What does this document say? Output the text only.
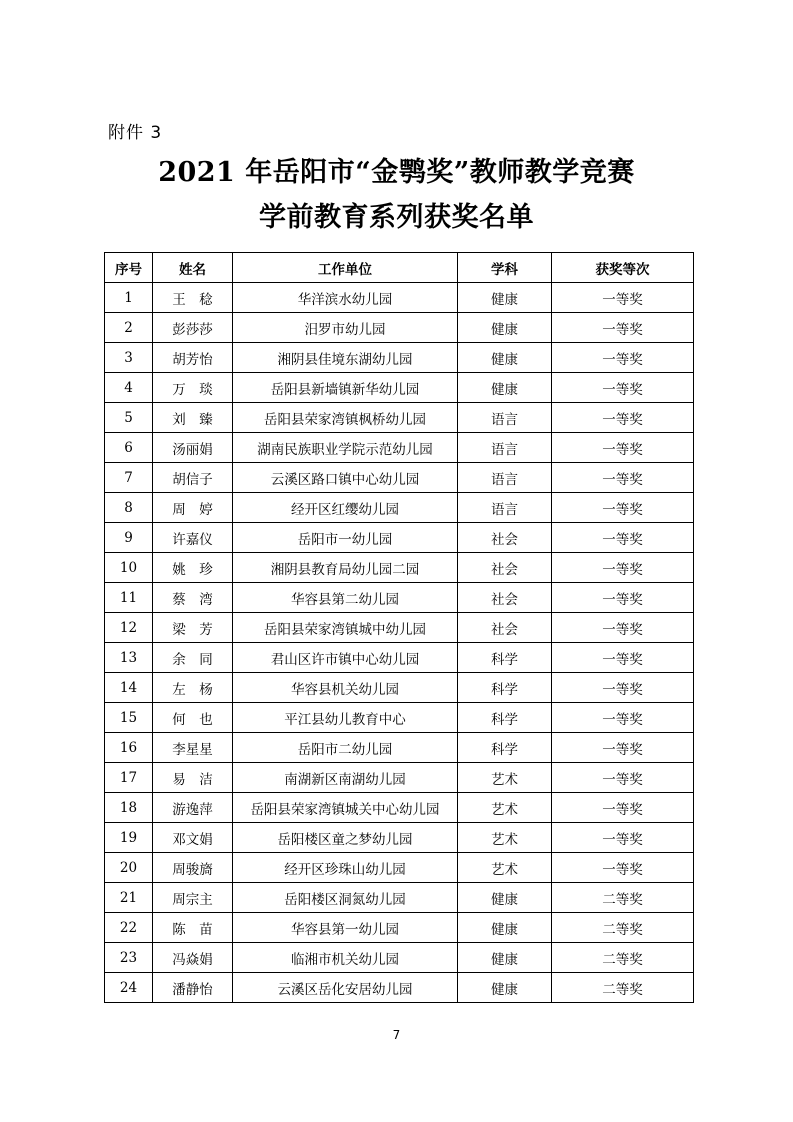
附件 3
2021 年岳阳市“金鹗奖”教师教学竞赛
学前教育系列获奖名单
序号	姓名	工作单位	学科	获奖等次
1	王　稔	华洋滨水幼儿园	健康	一等奖
2	彭莎莎	汨罗市幼儿园	健康	一等奖
3	胡芳怡	湘阴县佳境东湖幼儿园	健康	一等奖
4	万　琰	岳阳县新墙镇新华幼儿园	健康	一等奖
5	刘　臻	岳阳县荣家湾镇枫桥幼儿园	语言	一等奖
6	汤丽娟	湖南民族职业学院示范幼儿园	语言	一等奖
7	胡信子	云溪区路口镇中心幼儿园	语言	一等奖
8	周　婷	经开区红缨幼儿园	语言	一等奖
9	许嘉仪	岳阳市一幼儿园	社会	一等奖
10	姚　珍	湘阴县教育局幼儿园二园	社会	一等奖
11	蔡　湾	华容县第二幼儿园	社会	一等奖
12	梁　芳	岳阳县荣家湾镇城中幼儿园	社会	一等奖
13	余　同	君山区许市镇中心幼儿园	科学	一等奖
14	左　杨	华容县机关幼儿园	科学	一等奖
15	何　也	平江县幼儿教育中心	科学	一等奖
16	李星星	岳阳市二幼儿园	科学	一等奖
17	易　洁	南湖新区南湖幼儿园	艺术	一等奖
18	游逸萍	岳阳县荣家湾镇城关中心幼儿园	艺术	一等奖
19	邓文娟	岳阳楼区童之梦幼儿园	艺术	一等奖
20	周骏旖	经开区珍珠山幼儿园	艺术	一等奖
21	周宗主	岳阳楼区洞氮幼儿园	健康	二等奖
22	陈　苗	华容县第一幼儿园	健康	二等奖
23	冯焱娟	临湘市机关幼儿园	健康	二等奖
24	潘静怡	云溪区岳化安居幼儿园	健康	二等奖
7
